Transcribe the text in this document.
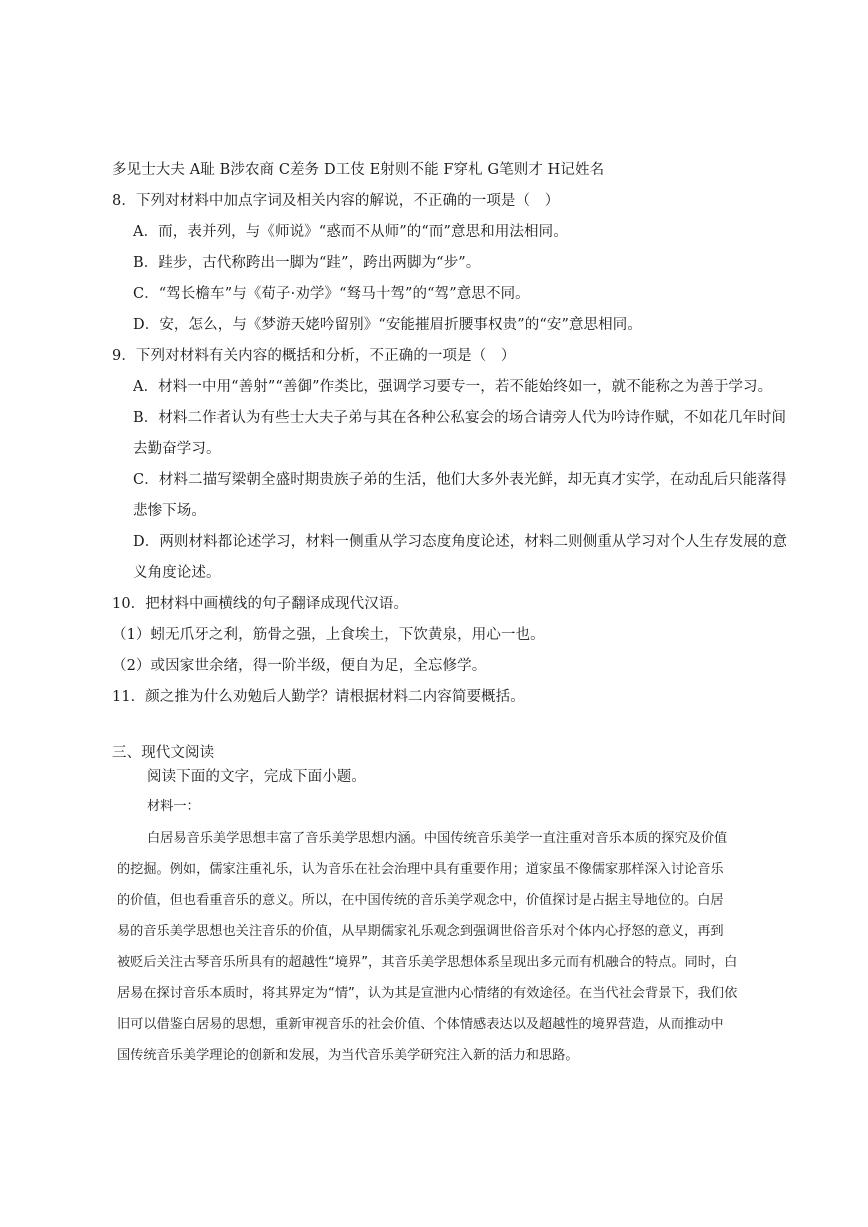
多见士大夫 A耻 B涉农商 C差务 D工伎 E射则不能 F穿札 G笔则才 H记姓名
8．下列对材料中加点字词及相关内容的解说，不正确的一项是（　）
A．而，表并列，与《师说》“惑而不从师”的“而”意思和用法相同。
B．跬步，古代称跨出一脚为“跬”，跨出两脚为“步”。
C．“驾长檐车”与《荀子·劝学》“驽马十驾”的“驾”意思不同。
D．安，怎么，与《梦游天姥吟留别》“安能摧眉折腰事权贵”的“安”意思相同。
9．下列对材料有关内容的概括和分析，不正确的一项是（　）
A．材料一中用“善射”“善御”作类比，强调学习要专一，若不能始终如一，就不能称之为善于学习。
B．材料二作者认为有些士大夫子弟与其在各种公私宴会的场合请旁人代为吟诗作赋，不如花几年时间
去勤奋学习。
C．材料二描写梁朝全盛时期贵族子弟的生活，他们大多外表光鲜，却无真才实学，在动乱后只能落得
悲惨下场。
D．两则材料都论述学习，材料一侧重从学习态度角度论述，材料二则侧重从学习对个人生存发展的意
义角度论述。
10．把材料中画横线的句子翻译成现代汉语。
（1）蚓无爪牙之利，筋骨之强，上食埃土，下饮黄泉，用心一也。
（2）或因家世余绪，得一阶半级，便自为足，全忘修学。
11．颜之推为什么劝勉后人勤学？请根据材料二内容简要概括。
三、现代文阅读
阅读下面的文字，完成下面小题。
材料一：
白居易音乐美学思想丰富了音乐美学思想内涵。中国传统音乐美学一直注重对音乐本质的探究及价值
的挖掘。例如，儒家注重礼乐，认为音乐在社会治理中具有重要作用；道家虽不像儒家那样深入讨论音乐
的价值，但也看重音乐的意义。所以，在中国传统的音乐美学观念中，价值探讨是占据主导地位的。白居
易的音乐美学思想也关注音乐的价值，从早期儒家礼乐观念到强调世俗音乐对个体内心抒怒的意义，再到
被贬后关注古琴音乐所具有的超越性“境界”，其音乐美学思想体系呈现出多元而有机融合的特点。同时，白
居易在探讨音乐本质时，将其界定为“情”，认为其是宣泄内心情绪的有效途径。在当代社会背景下，我们依
旧可以借鉴白居易的思想，重新审视音乐的社会价值、个体情感表达以及超越性的境界营造，从而推动中
国传统音乐美学理论的创新和发展，为当代音乐美学研究注入新的活力和思路。
